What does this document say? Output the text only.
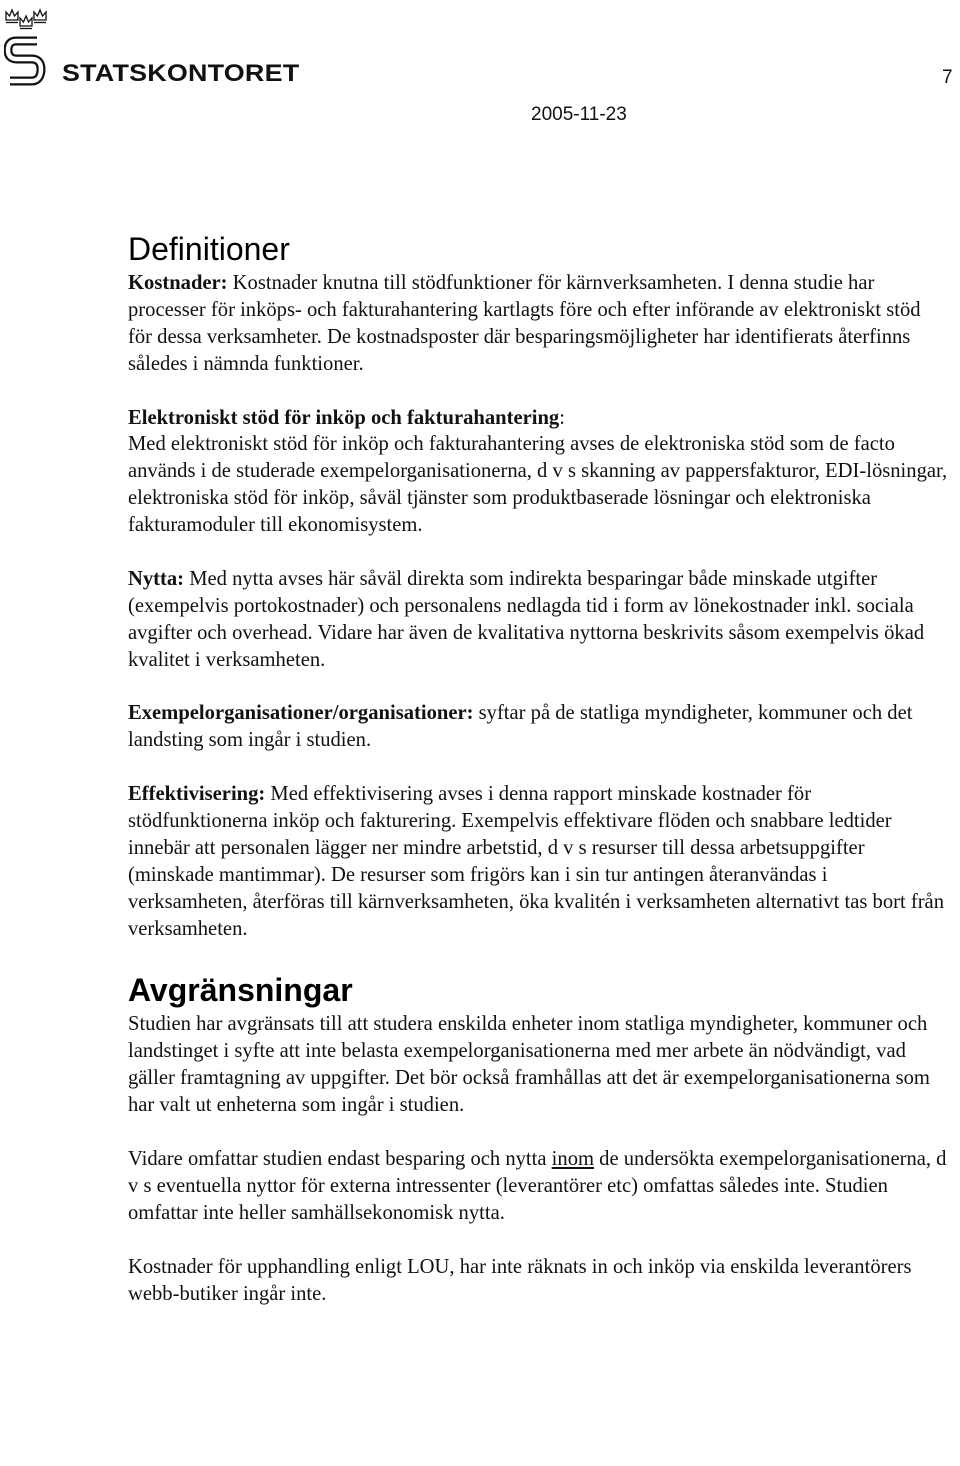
STATSKONTORET	7
2005-11-23
Definitioner

Kostnader: Kostnader knutna till stödfunktioner för kärnverksamheten. I denna studie har processer för inköps- och fakturahantering kartlagts före och efter införande av elektroniskt stöd för dessa verksamheter. De kostnadsposter där besparingsmöjligheter har identifierats återfinns således i nämnda funktioner.

Elektroniskt stöd för inköp och fakturahantering:
Med elektroniskt stöd för inköp och fakturahantering avses de elektroniska stöd som de facto används i de studerade exempelorganisationerna, d v s skanning av pappersfakturor, EDI-lösningar, elektroniska stöd för inköp, såväl tjänster som produktbaserade lösningar och elektroniska fakturamoduler till ekonomisystem.

Nytta: Med nytta avses här såväl direkta som indirekta besparingar både minskade utgifter (exempelvis portokostnader) och personalens nedlagda tid i form av lönekostnader inkl. sociala avgifter och overhead. Vidare har även de kvalitativa nyttorna beskrivits såsom exempelvis ökad kvalitet i verksamheten.

Exempelorganisationer/organisationer: syftar på de statliga myndigheter, kommuner och det landsting som ingår i studien.

Effektivisering: Med effektivisering avses i denna rapport minskade kostnader för stödfunktionerna inköp och fakturering. Exempelvis effektivare flöden och snabbare ledtider innebär att personalen lägger ner mindre arbetstid, d v s resurser till dessa arbetsuppgifter (minskade mantimmar). De resurser som frigörs kan i sin tur antingen återanvändas i verksamheten, återföras till kärnverksamheten, öka kvalitén i verksamheten alternativt tas bort från verksamheten.

Avgränsningar

Studien har avgränsats till att studera enskilda enheter inom statliga myndigheter, kommuner och landstinget i syfte att inte belasta exempelorganisationerna med mer arbete än nödvändigt, vad gäller framtagning av uppgifter. Det bör också framhållas att det är exempelorganisationerna som har valt ut enheterna som ingår i studien.

Vidare omfattar studien endast besparing och nytta inom de undersökta exempelorganisationerna, d v s eventuella nyttor för externa intressenter (leverantörer etc) omfattas således inte. Studien omfattar inte heller samhällsekonomisk nytta.

Kostnader för upphandling enligt LOU, har inte räknats in och inköp via enskilda leverantörers webb-butiker ingår inte.
